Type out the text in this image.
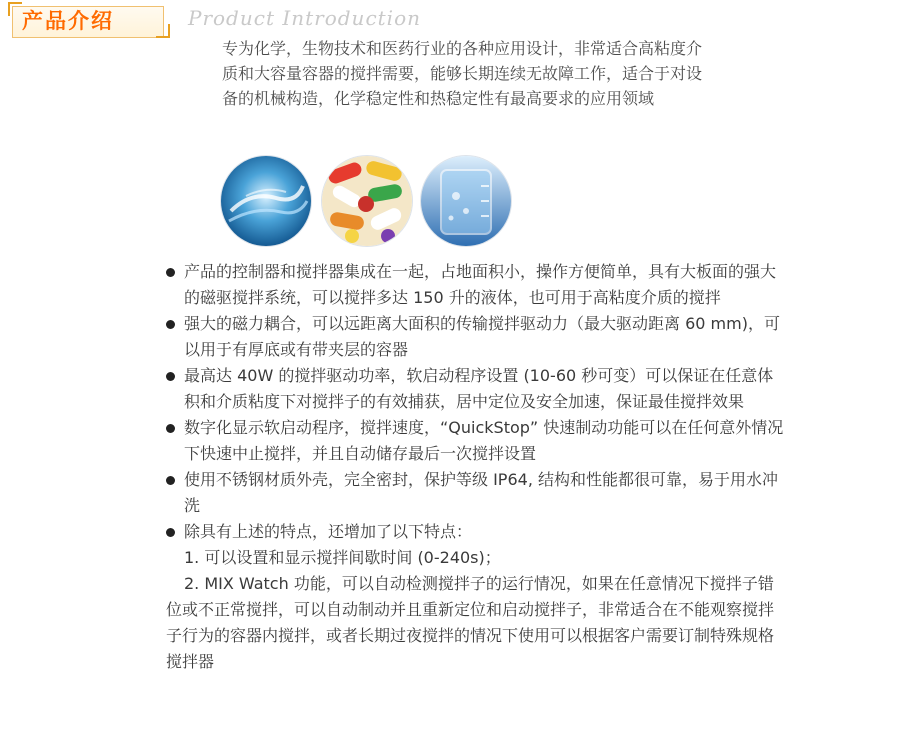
产品介绍	Product Introduction
专为化学，生物技术和医药行业的各种应用设计，非常适合高粘度介质和大容量容器的搅拌需要，能够长期连续无故障工作，适合于对设备的机械构造，化学稳定性和热稳定性有最高要求的应用领域
产品的控制器和搅拌器集成在一起，占地面积小，操作方便简单，具有大板面的强大的磁驱搅拌系统，可以搅拌多达 150 升的液体，也可用于高粘度介质的搅拌
强大的磁力耦合，可以远距离大面积的传输搅拌驱动力（最大驱动距离 60 mm)，可以用于有厚底或有带夹层的容器
最高达 40W 的搅拌驱动功率，软启动程序设置 (10-60 秒可变）可以保证在任意体积和介质粘度下对搅拌子的有效捕获，居中定位及安全加速，保证最佳搅拌效果
数字化显示软启动程序，搅拌速度，“QuickStop” 快速制动功能可以在任何意外情况下快速中止搅拌，并且自动储存最后一次搅拌设置
使用不锈钢材质外壳，完全密封，保护等级 IP64, 结构和性能都很可靠，易于用水冲洗
除具有上述的特点，还增加了以下特点：
1. 可以设置和显示搅拌间歇时间 (0-240s)；
2. MIX Watch 功能，可以自动检测搅拌子的运行情况，如果在任意情况下搅拌子错位或不正常搅拌，可以自动制动并且重新定位和启动搅拌子，非常适合在不能观察搅拌子行为的容器内搅拌，或者长期过夜搅拌的情况下使用可以根据客户需要订制特殊规格搅拌器
